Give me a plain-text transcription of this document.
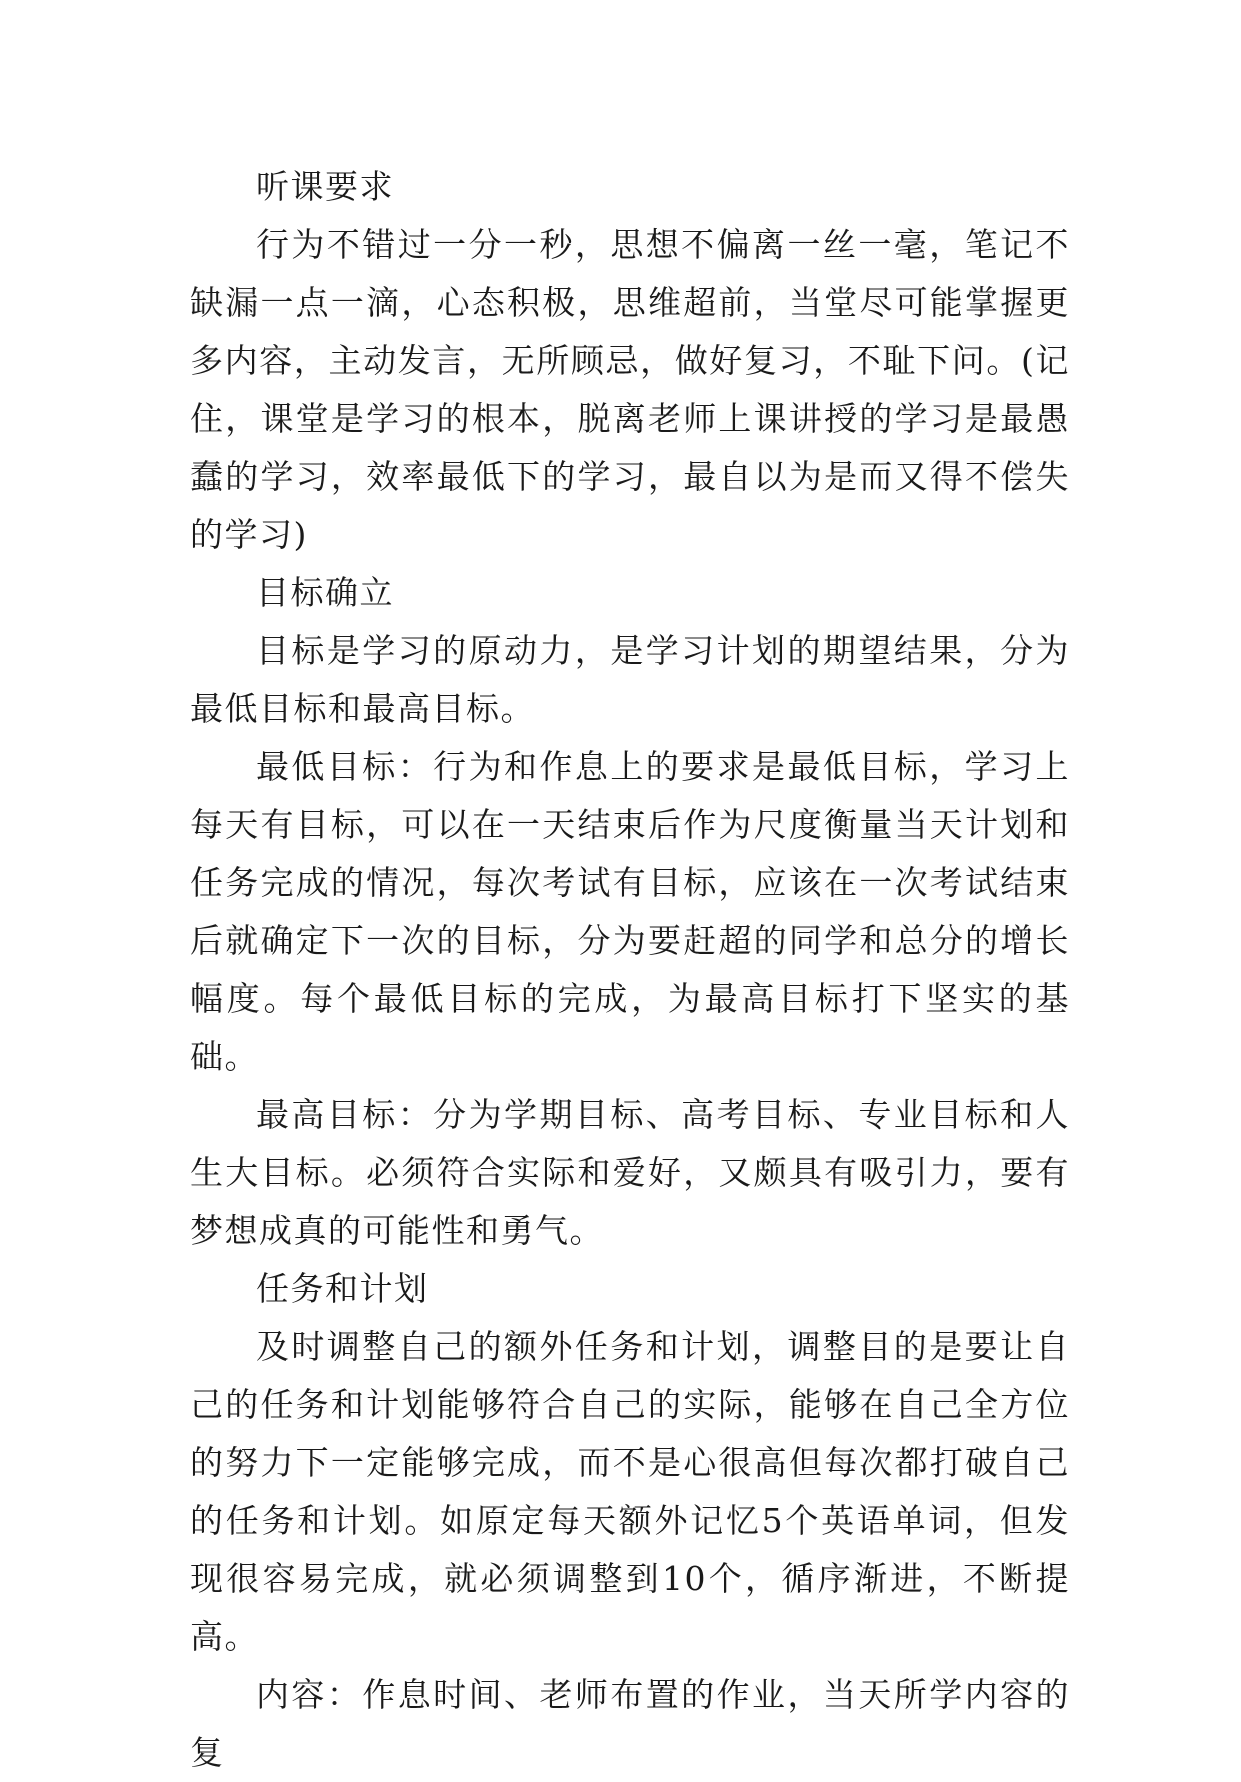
听课要求

行为不错过一分一秒，思想不偏离一丝一毫，笔记不缺漏一点一滴，心态积极，思维超前，当堂尽可能掌握更多内容，主动发言，无所顾忌，做好复习，不耻下问。(记住，课堂是学习的根本，脱离老师上课讲授的学习是最愚蠢的学习，效率最低下的学习，最自以为是而又得不偿失的学习)

目标确立

目标是学习的原动力，是学习计划的期望结果，分为最低目标和最高目标。

最低目标：行为和作息上的要求是最低目标，学习上每天有目标，可以在一天结束后作为尺度衡量当天计划和任务完成的情况，每次考试有目标，应该在一次考试结束后就确定下一次的目标，分为要赶超的同学和总分的增长幅度。每个最低目标的完成，为最高目标打下坚实的基础。

最高目标：分为学期目标、高考目标、专业目标和人生大目标。必须符合实际和爱好，又颇具有吸引力，要有梦想成真的可能性和勇气。

任务和计划

及时调整自己的额外任务和计划，调整目的是要让自己的任务和计划能够符合自己的实际，能够在自己全方位的努力下一定能够完成，而不是心很高但每次都打破自己的任务和计划。如原定每天额外记忆5个英语单词，但发现很容易完成，就必须调整到10个，循序渐进，不断提高。

内容：作息时间、老师布置的作业，当天所学内容的复
